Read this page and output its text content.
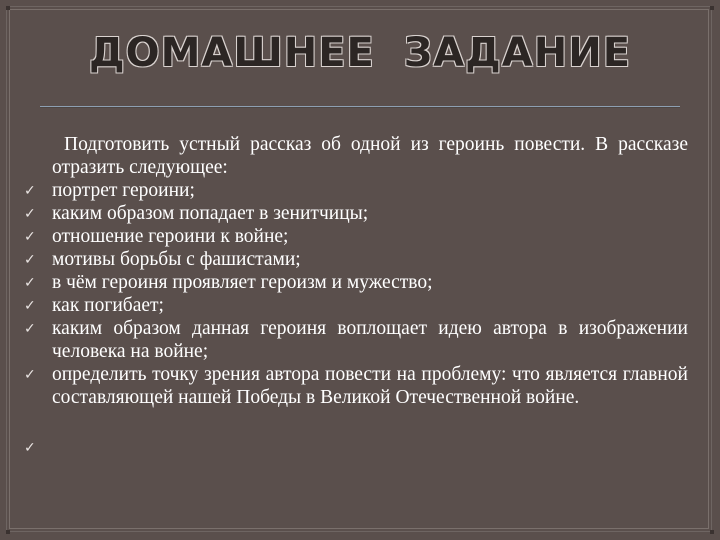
ДОМАШНЕЕ ЗАДАНИЕ
Подготовить устный рассказ об одной из героинь повести. В рассказе отразить следующее:
✓ портрет героини;
✓ каким образом попадает в зенитчицы;
✓ отношение героини к войне;
✓ мотивы борьбы с фашистами;
✓ в чём героиня проявляет героизм и мужество;
✓ как погибает;
✓ каким образом данная героиня воплощает идею автора в изображении человека на войне;
✓ определить точку зрения автора повести на проблему: что является главной составляющей нашей Победы в Великой Отечественной войне.
✓
